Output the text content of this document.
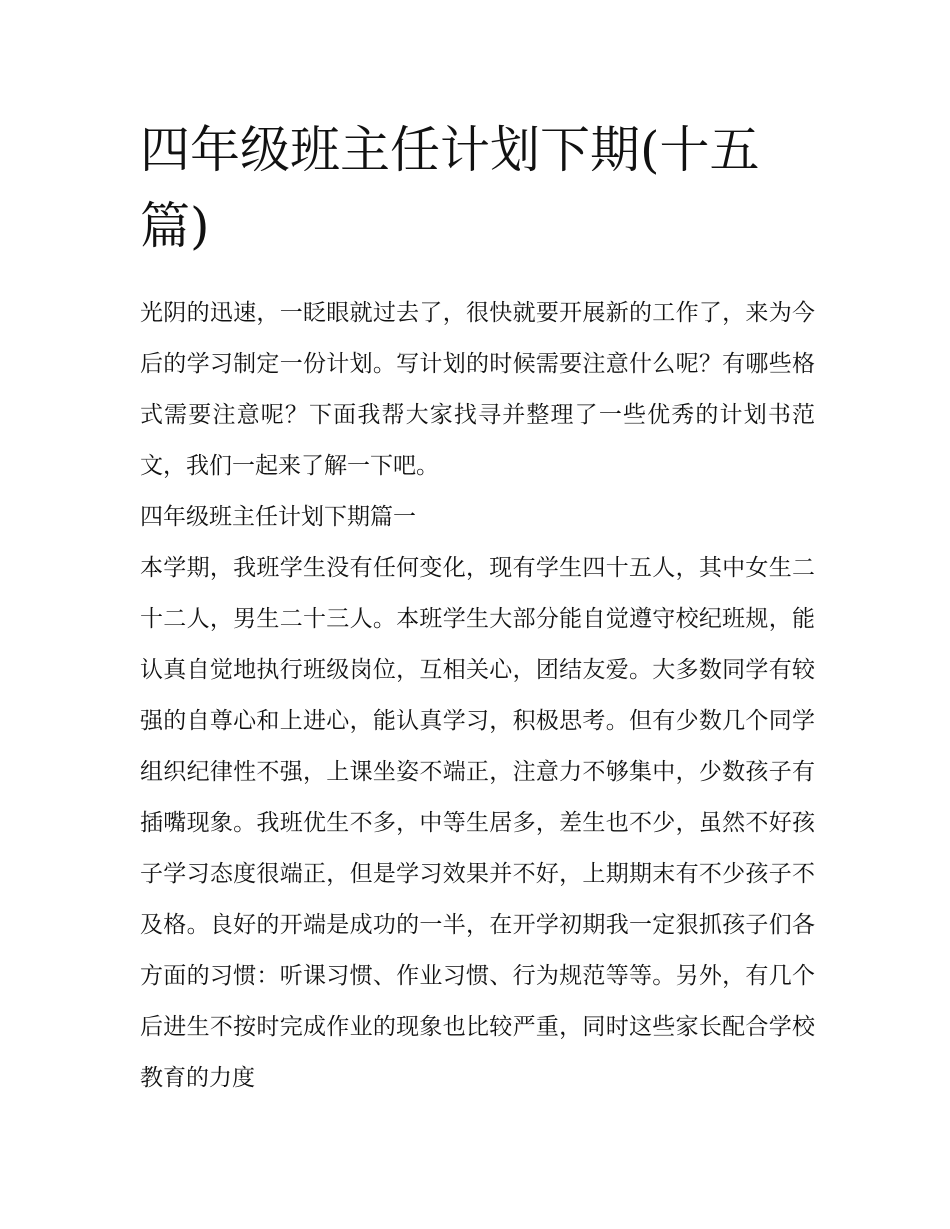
四年级班主任计划下期(十五篇)

光阴的迅速，一眨眼就过去了，很快就要开展新的工作了，来为今后的学习制定一份计划。写计划的时候需要注意什么呢？有哪些格式需要注意呢？下面我帮大家找寻并整理了一些优秀的计划书范文，我们一起来了解一下吧。

四年级班主任计划下期篇一

本学期，我班学生没有任何变化，现有学生四十五人，其中女生二十二人，男生二十三人。本班学生大部分能自觉遵守校纪班规，能认真自觉地执行班级岗位，互相关心，团结友爱。大多数同学有较强的自尊心和上进心，能认真学习，积极思考。但有少数几个同学组织纪律性不强，上课坐姿不端正，注意力不够集中，少数孩子有插嘴现象。我班优生不多，中等生居多，差生也不少，虽然不好孩子学习态度很端正，但是学习效果并不好，上期期末有不少孩子不及格。良好的开端是成功的一半，在开学初期我一定狠抓孩子们各方面的习惯：听课习惯、作业习惯、行为规范等等。另外，有几个后进生不按时完成作业的现象也比较严重，同时这些家长配合学校教育的力度
